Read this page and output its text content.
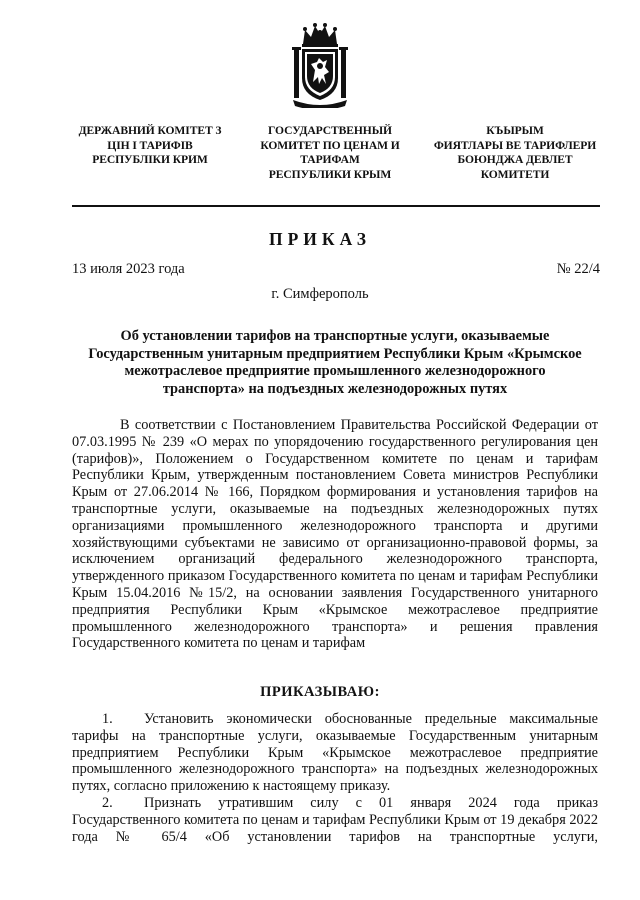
ДЕРЖАВНИЙ КОМІТЕТ З
ЦІН І ТАРИФІВ
РЕСПУБЛІКИ КРИМ
ГОСУДАРСТВЕННЫЙ
КОМИТЕТ ПО ЦЕНАМ И
ТАРИФАМ
РЕСПУБЛИКИ КРЫМ
КЪЫРЫМ
ФИЯТЛАРЫ ВЕ ТАРИФЛЕРИ
БОЮНДЖА ДЕВЛЕТ
КОМИТЕТИ
ПРИКАЗ
13 июля 2023 года	№ 22/4
г. Симферополь
Об установлении тарифов на транспортные услуги, оказываемые
Государственным унитарным предприятием Республики Крым «Крымское
межотраслевое предприятие промышленного железнодорожного
транспорта» на подъездных железнодорожных путях

В соответствии с Постановлением Правительства Российской Федерации от 07.03.1995 № 239 «О мерах по упорядочению государственного регулирования цен (тарифов)», Положением о Государственном комитете по ценам и тарифам Республики Крым, утвержденным постановлением Совета министров Республики Крым от 27.06.2014 № 166, Порядком формирования и установления тарифов на транспортные услуги, оказываемые на подъездных железнодорожных путях организациями промышленного железнодорожного транспорта и другими хозяйствующими субъектами не зависимо от организационно-правовой формы, за исключением организаций федерального железнодорожного транспорта, утвержденного приказом Государственного комитета по ценам и тарифам Республики Крым 15.04.2016 №15/2, на основании заявления Государственного унитарного предприятия Республики Крым «Крымское межотраслевое предприятие промышленного железнодорожного транспорта» и решения правления Государственного комитета по ценам и тарифам

ПРИКАЗЫВАЮ:

1. Установить экономически обоснованные предельные максимальные тарифы на транспортные услуги, оказываемые Государственным унитарным предприятием Республики Крым «Крымское межотраслевое предприятие промышленного железнодорожного транспорта» на подъездных железнодорожных путях, согласно приложению к настоящему приказу.

2. Признать утратившим силу с 01 января 2024 года приказ Государственного комитета по ценам и тарифам Республики Крым от 19 декабря 2022 года № 65/4 «Об установлении тарифов на транспортные услуги,
